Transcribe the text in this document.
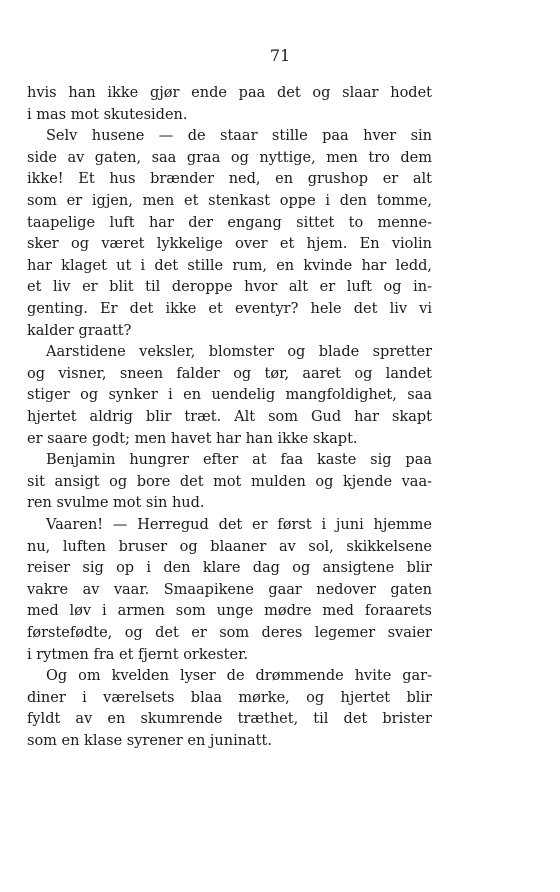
71
hvis han ikke gjør ende paa det og slaar hodet
i mas mot skutesiden.
Selv husene — de staar stille paa hver sin
side av gaten, saa graa og nyttige, men tro dem
ikke! Et hus brænder ned, en grushop er alt
som er igjen, men et stenkast oppe i den tomme,
taapelige luft har der engang sittet to menne-
sker og været lykkelige over et hjem. En violin
har klaget ut i det stille rum, en kvinde har ledd,
et liv er blit til deroppe hvor alt er luft og in-
genting. Er det ikke et eventyr? hele det liv vi
kalder graatt?
Aarstidene veksler, blomster og blade spretter
og visner, sneen falder og tør, aaret og landet
stiger og synker i en uendelig mangfoldighet, saa
hjertet aldrig blir træt. Alt som Gud har skapt
er saare godt; men havet har han ikke skapt.
Benjamin hungrer efter at faa kaste sig paa
sit ansigt og bore det mot mulden og kjende vaa-
ren svulme mot sin hud.
Vaaren! — Herregud det er først i juni hjemme
nu, luften bruser og blaaner av sol, skikkelsene
reiser sig op i den klare dag og ansigtene blir
vakre av vaar. Smaapikene gaar nedover gaten
med løv i armen som unge mødre med foraarets
førstefødte, og det er som deres legemer svaier
i rytmen fra et fjernt orkester.
Og om kvelden lyser de drømmende hvite gar-
diner i værelsets blaa mørke, og hjertet blir
fyldt av en skumrende træthet, til det brister
som en klase syrener en juninatt.
